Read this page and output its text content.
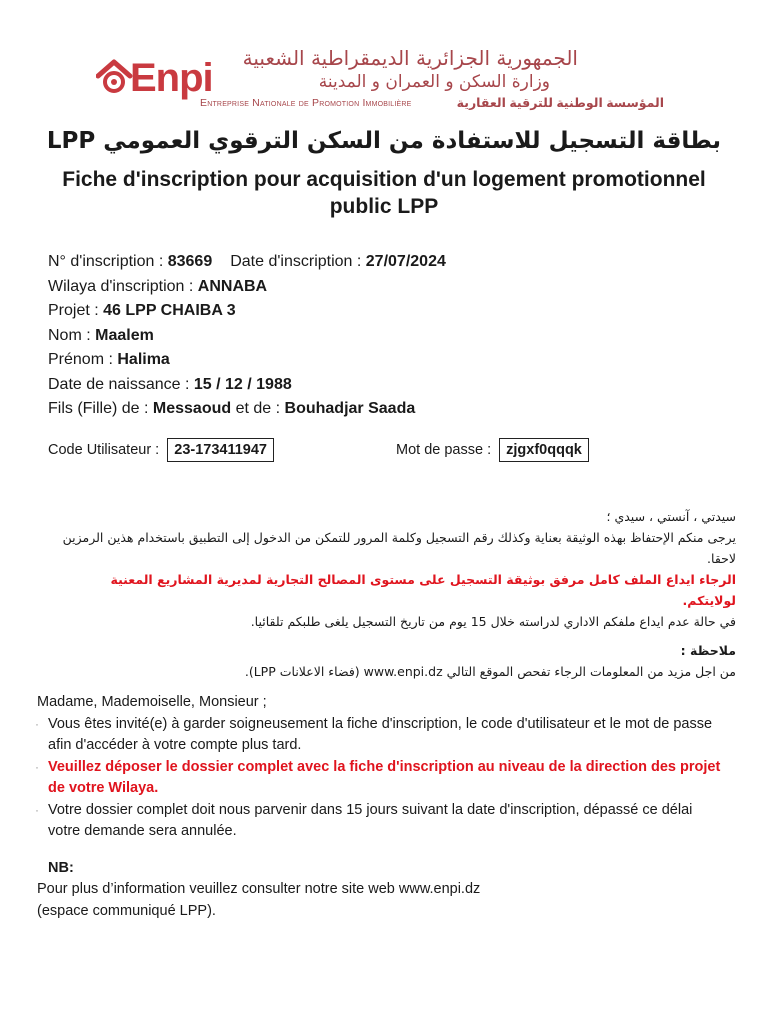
Enpi الجمهورية الجزائرية الديمقراطية الشعبية
وزارة السكن و العمران و المدينة
Entreprise Nationale de Promotion Immobilière	المؤسسة الوطنية للترقية العقارية
بطاقة التسجيل للاستفادة من السكن الترقوي العمومي LPP
Fiche d'inscription pour acquisition d'un logement promotionnel public LPP
N° d'inscription : 83669 Date d'inscription : 27/07/2024
Wilaya d'inscription : ANNABA
Projet : 46 LPP CHAIBA 3
Nom : Maalem
Prénom : Halima
Date de naissance : 15 / 12 / 1988
Fils (Fille) de : Messaoud et de : Bouhadjar Saada
Code Utilisateur : 23-173411947	Mot de passe : zjgxf0qqqk

سيدتي ، آنستي ، سيدي ؛

يرجى منكم الإحتفاظ بهذه الوثيقة بعناية وكذلك رقم التسجيل وكلمة المرور للتمكن من الدخول إلى التطبيق باستخدام هذين الرمزين لاحقا.

الرجاء ايداع الملف كامل مرفق بوثيقة التسجيل على مستوى المصالح التجارية لمديرية المشاريع المعنية لولايتكم.

في حالة عدم ايداع ملفكم الاداري لدراسته خلال 15 يوم من تاريخ التسجيل يلغى طلبكم تلقائيا.

ملاحظة :

من اجل مزيد من المعلومات الرجاء تفحص الموقع التالي www.enpi.dz (فضاء الاعلانات LPP).

Madame, Mademoiselle, Monsieur ;

· Vous êtes invité(e) à garder soigneusement la fiche d'inscription, le code d'utilisateur et le mot de passe afin d'accéder à votre compte plus tard.
· Veuillez déposer le dossier complet avec la fiche d'inscription au niveau de la direction des projet de votre Wilaya.
· Votre dossier complet doit nous parvenir dans 15 jours suivant la date d'inscription, dépassé ce délai votre demande sera annulée.

NB:

Pour plus d’information veuillez consulter notre site web www.enpi.dz

(espace communiqué LPP).
